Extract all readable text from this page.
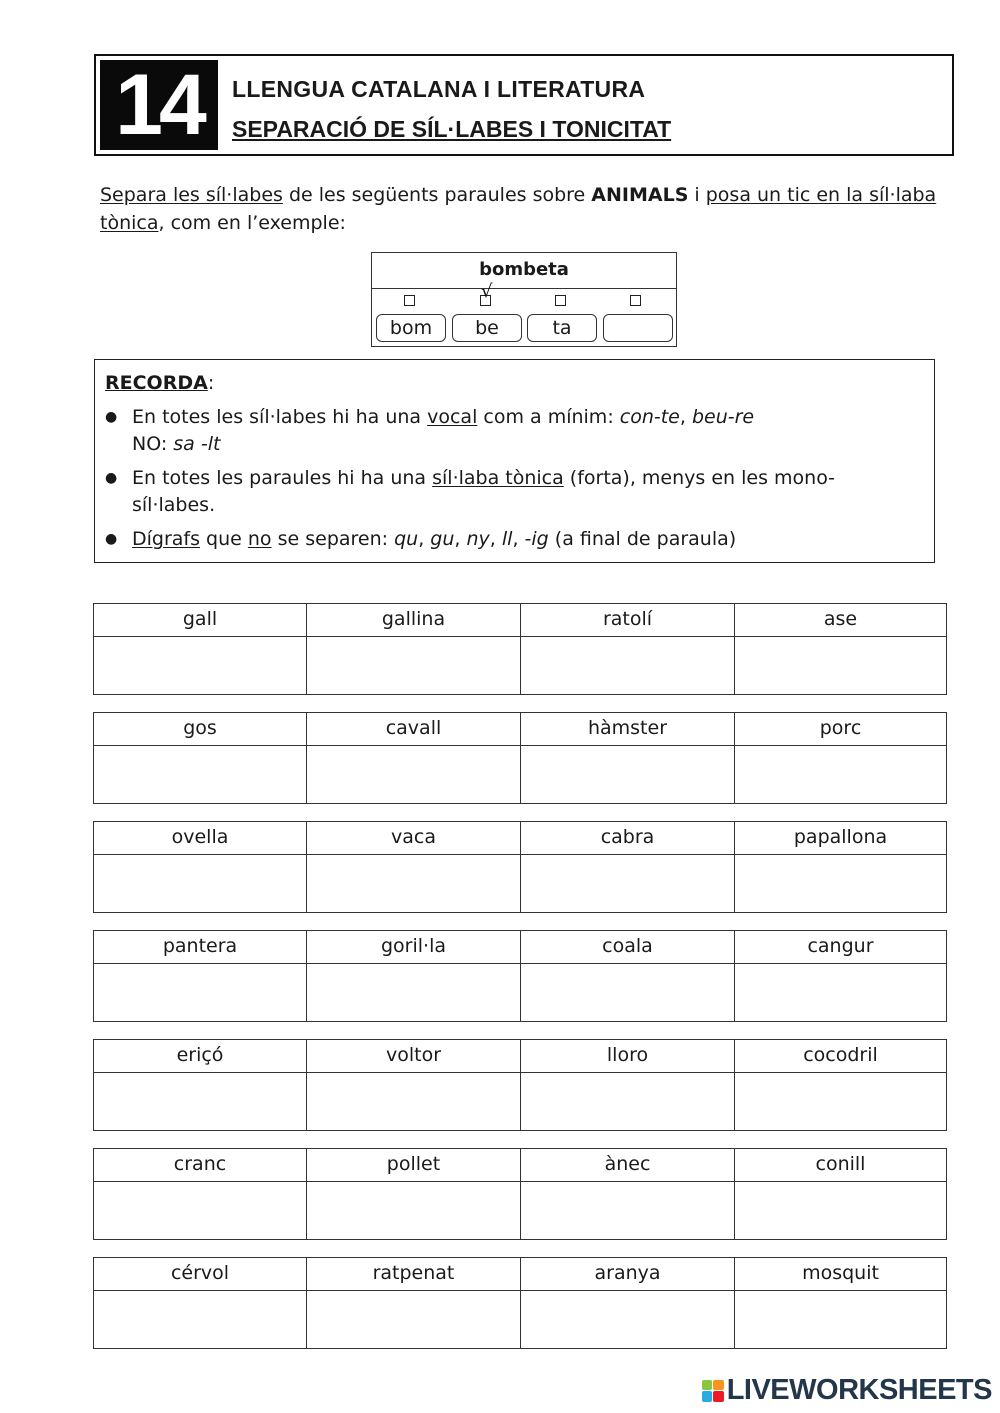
14	LLENGUA CATALANA I LITERATURA
SEPARACIÓ DE SÍL·LABES I TONICITAT
Separa les síl·labes de les següents paraules sobre ANIMALS i posa un tic en la síl·laba tònica, com en l’exemple:
bombeta
√
bom	be	ta
RECORDA:
● En totes les síl·labes hi ha una vocal com a mínim: con-te, beu-re
NO: sa -lt
● En totes les paraules hi ha una síl·laba tònica (forta), menys en les mono-
síl·labes.
● Dígrafs que no se separen: qu, gu, ny, ll, -ig (a final de paraula)
gall	gallina	ratolí	ase
gos	cavall	hàmster	porc
ovella	vaca	cabra	papallona
pantera	goril·la	coala	cangur
eriçó	voltor	lloro	cocodril
cranc	pollet	ànec	conill
cérvol	ratpenat	aranya	mosquit
LIVEWORKSHEETS
